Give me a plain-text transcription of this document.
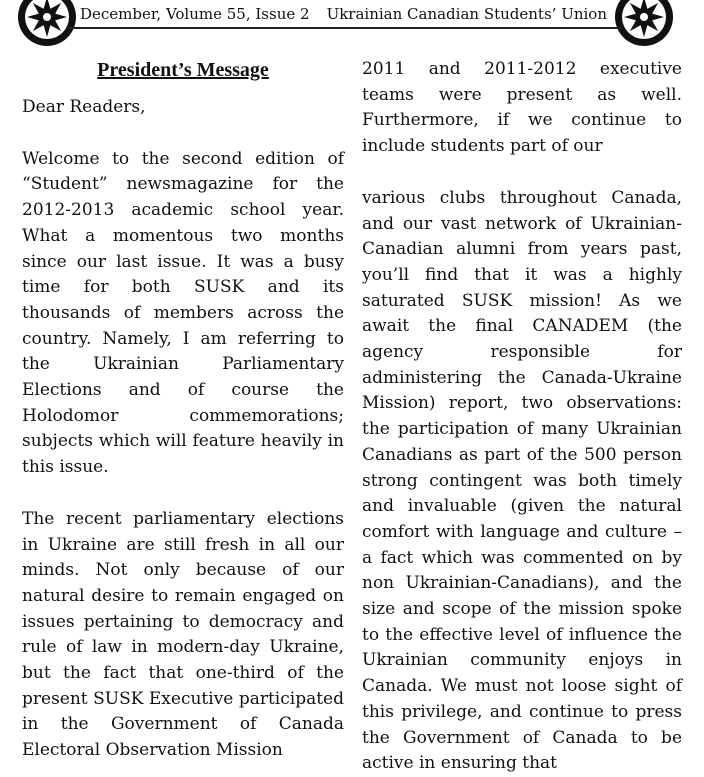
December, Volume 55, Issue 2 Ukrainian Canadian Students’ Union
President’s Message

Dear Readers,

Welcome to the second edition of “Student” newsmagazine for the 2012-2013 academic school year. What a momentous two months since our last issue. It was a busy time for both SUSK and its thousands of members across the country. Namely, I am referring to the Ukrainian Parliamentary Elections and of course the Holodomor commemorations; subjects which will feature heavily in this issue.

The recent parliamentary elections in Ukraine are still fresh in all our minds. Not only because of our natural desire to remain engaged on issues pertaining to democracy and rule of law in modern-day Ukraine, but the fact that one-third of the present SUSK Executive participated in the Government of Canada Electoral Observation Mission

2011 and 2011-2012 executive teams were present as well. Furthermore, if we continue to include students part of our

various clubs throughout Canada, and our vast network of Ukrainian-Canadian alumni from years past, you’ll find that it was a highly saturated SUSK mission! As we await the final CANADEM (the agency responsible for administering the Canada-Ukraine Mission) report, two observations: the participation of many Ukrainian Canadians as part of the 500 person strong contingent was both timely and invaluable (given the natural comfort with language and culture – a fact which was commented on by non Ukrainian-Canadians), and the size and scope of the mission spoke to the effective level of influence the Ukrainian community enjoys in Canada. We must not loose sight of this privilege, and continue to press the Government of Canada to be active in ensuring that
